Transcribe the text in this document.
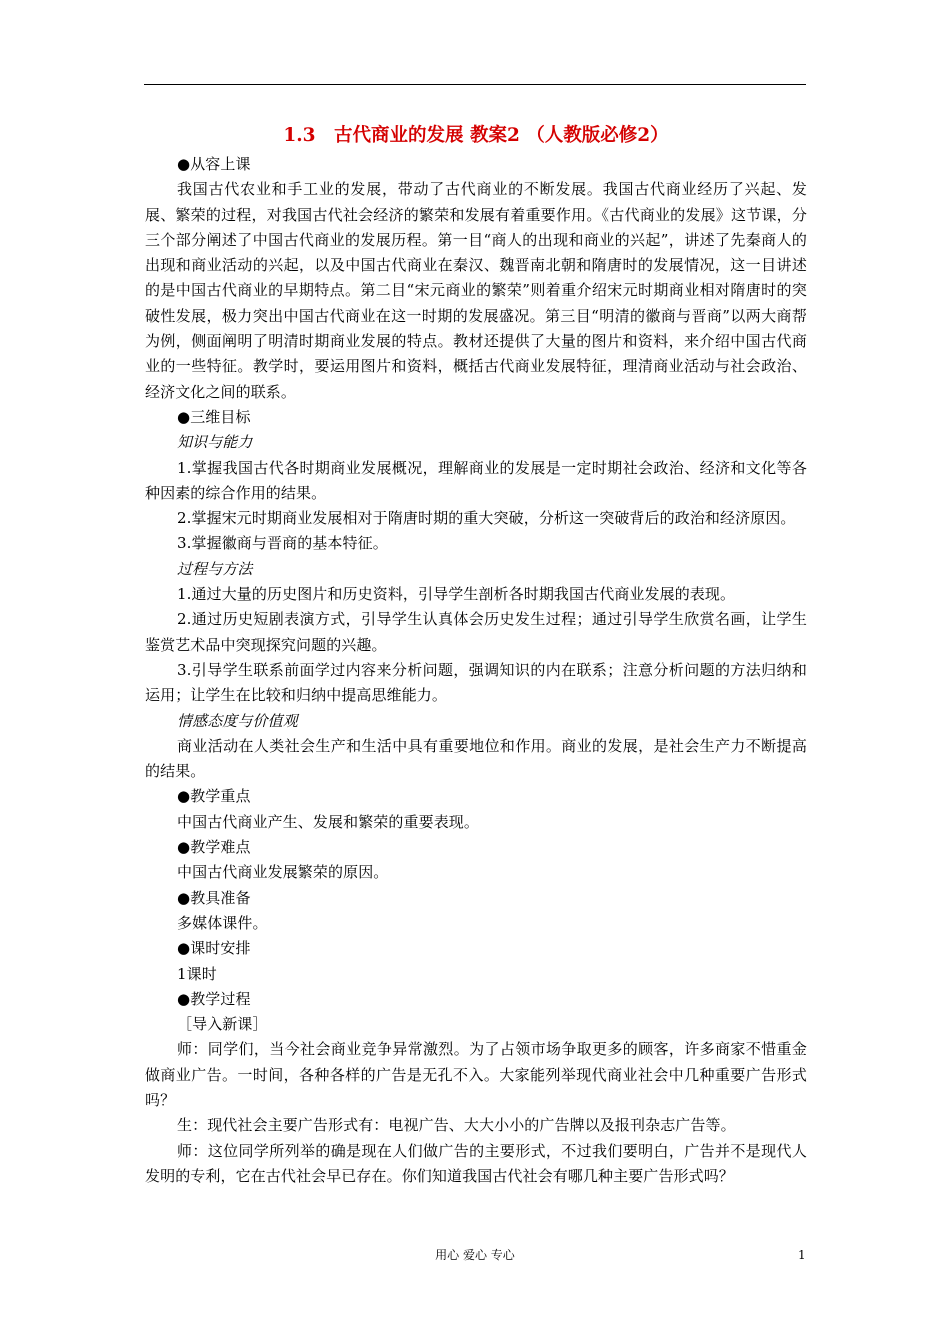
1.3　古代商业的发展 教案2 （人教版必修2）

●从容上课

我国古代农业和手工业的发展，带动了古代商业的不断发展。我国古代商业经历了兴起、发展、繁荣的过程，对我国古代社会经济的繁荣和发展有着重要作用。《古代商业的发展》这节课，分三个部分阐述了中国古代商业的发展历程。第一目“商人的出现和商业的兴起”，讲述了先秦商人的出现和商业活动的兴起，以及中国古代商业在秦汉、魏晋南北朝和隋唐时的发展情况，这一目讲述的是中国古代商业的早期特点。第二目“宋元商业的繁荣”则着重介绍宋元时期商业相对隋唐时的突破性发展，极力突出中国古代商业在这一时期的发展盛况。第三目“明清的徽商与晋商”以两大商帮为例，侧面阐明了明清时期商业发展的特点。教材还提供了大量的图片和资料，来介绍中国古代商业的一些特征。教学时，要运用图片和资料，概括古代商业发展特征，理清商业活动与社会政治、经济文化之间的联系。

●三维目标

知识与能力

1.掌握我国古代各时期商业发展概况，理解商业的发展是一定时期社会政治、经济和文化等各种因素的综合作用的结果。

2.掌握宋元时期商业发展相对于隋唐时期的重大突破，分析这一突破背后的政治和经济原因。

3.掌握徽商与晋商的基本特征。

过程与方法

1.通过大量的历史图片和历史资料，引导学生剖析各时期我国古代商业发展的表现。

2.通过历史短剧表演方式，引导学生认真体会历史发生过程；通过引导学生欣赏名画，让学生鉴赏艺术品中突现探究问题的兴趣。

3.引导学生联系前面学过内容来分析问题，强调知识的内在联系；注意分析问题的方法归纳和运用；让学生在比较和归纳中提高思维能力。

情感态度与价值观

商业活动在人类社会生产和生活中具有重要地位和作用。商业的发展，是社会生产力不断提高的结果。

●教学重点

中国古代商业产生、发展和繁荣的重要表现。

●教学难点

中国古代商业发展繁荣的原因。

●教具准备

多媒体课件。

●课时安排

1课时

●教学过程

［导入新课］

师：同学们，当今社会商业竞争异常激烈。为了占领市场争取更多的顾客，许多商家不惜重金做商业广告。一时间，各种各样的广告是无孔不入。大家能列举现代商业社会中几种重要广告形式吗？

生：现代社会主要广告形式有：电视广告、大大小小的广告牌以及报刊杂志广告等。

师：这位同学所列举的确是现在人们做广告的主要形式，不过我们要明白，广告并不是现代人发明的专利，它在古代社会早已存在。你们知道我国古代社会有哪几种主要广告形式吗？

用心 爱心 专心	1
